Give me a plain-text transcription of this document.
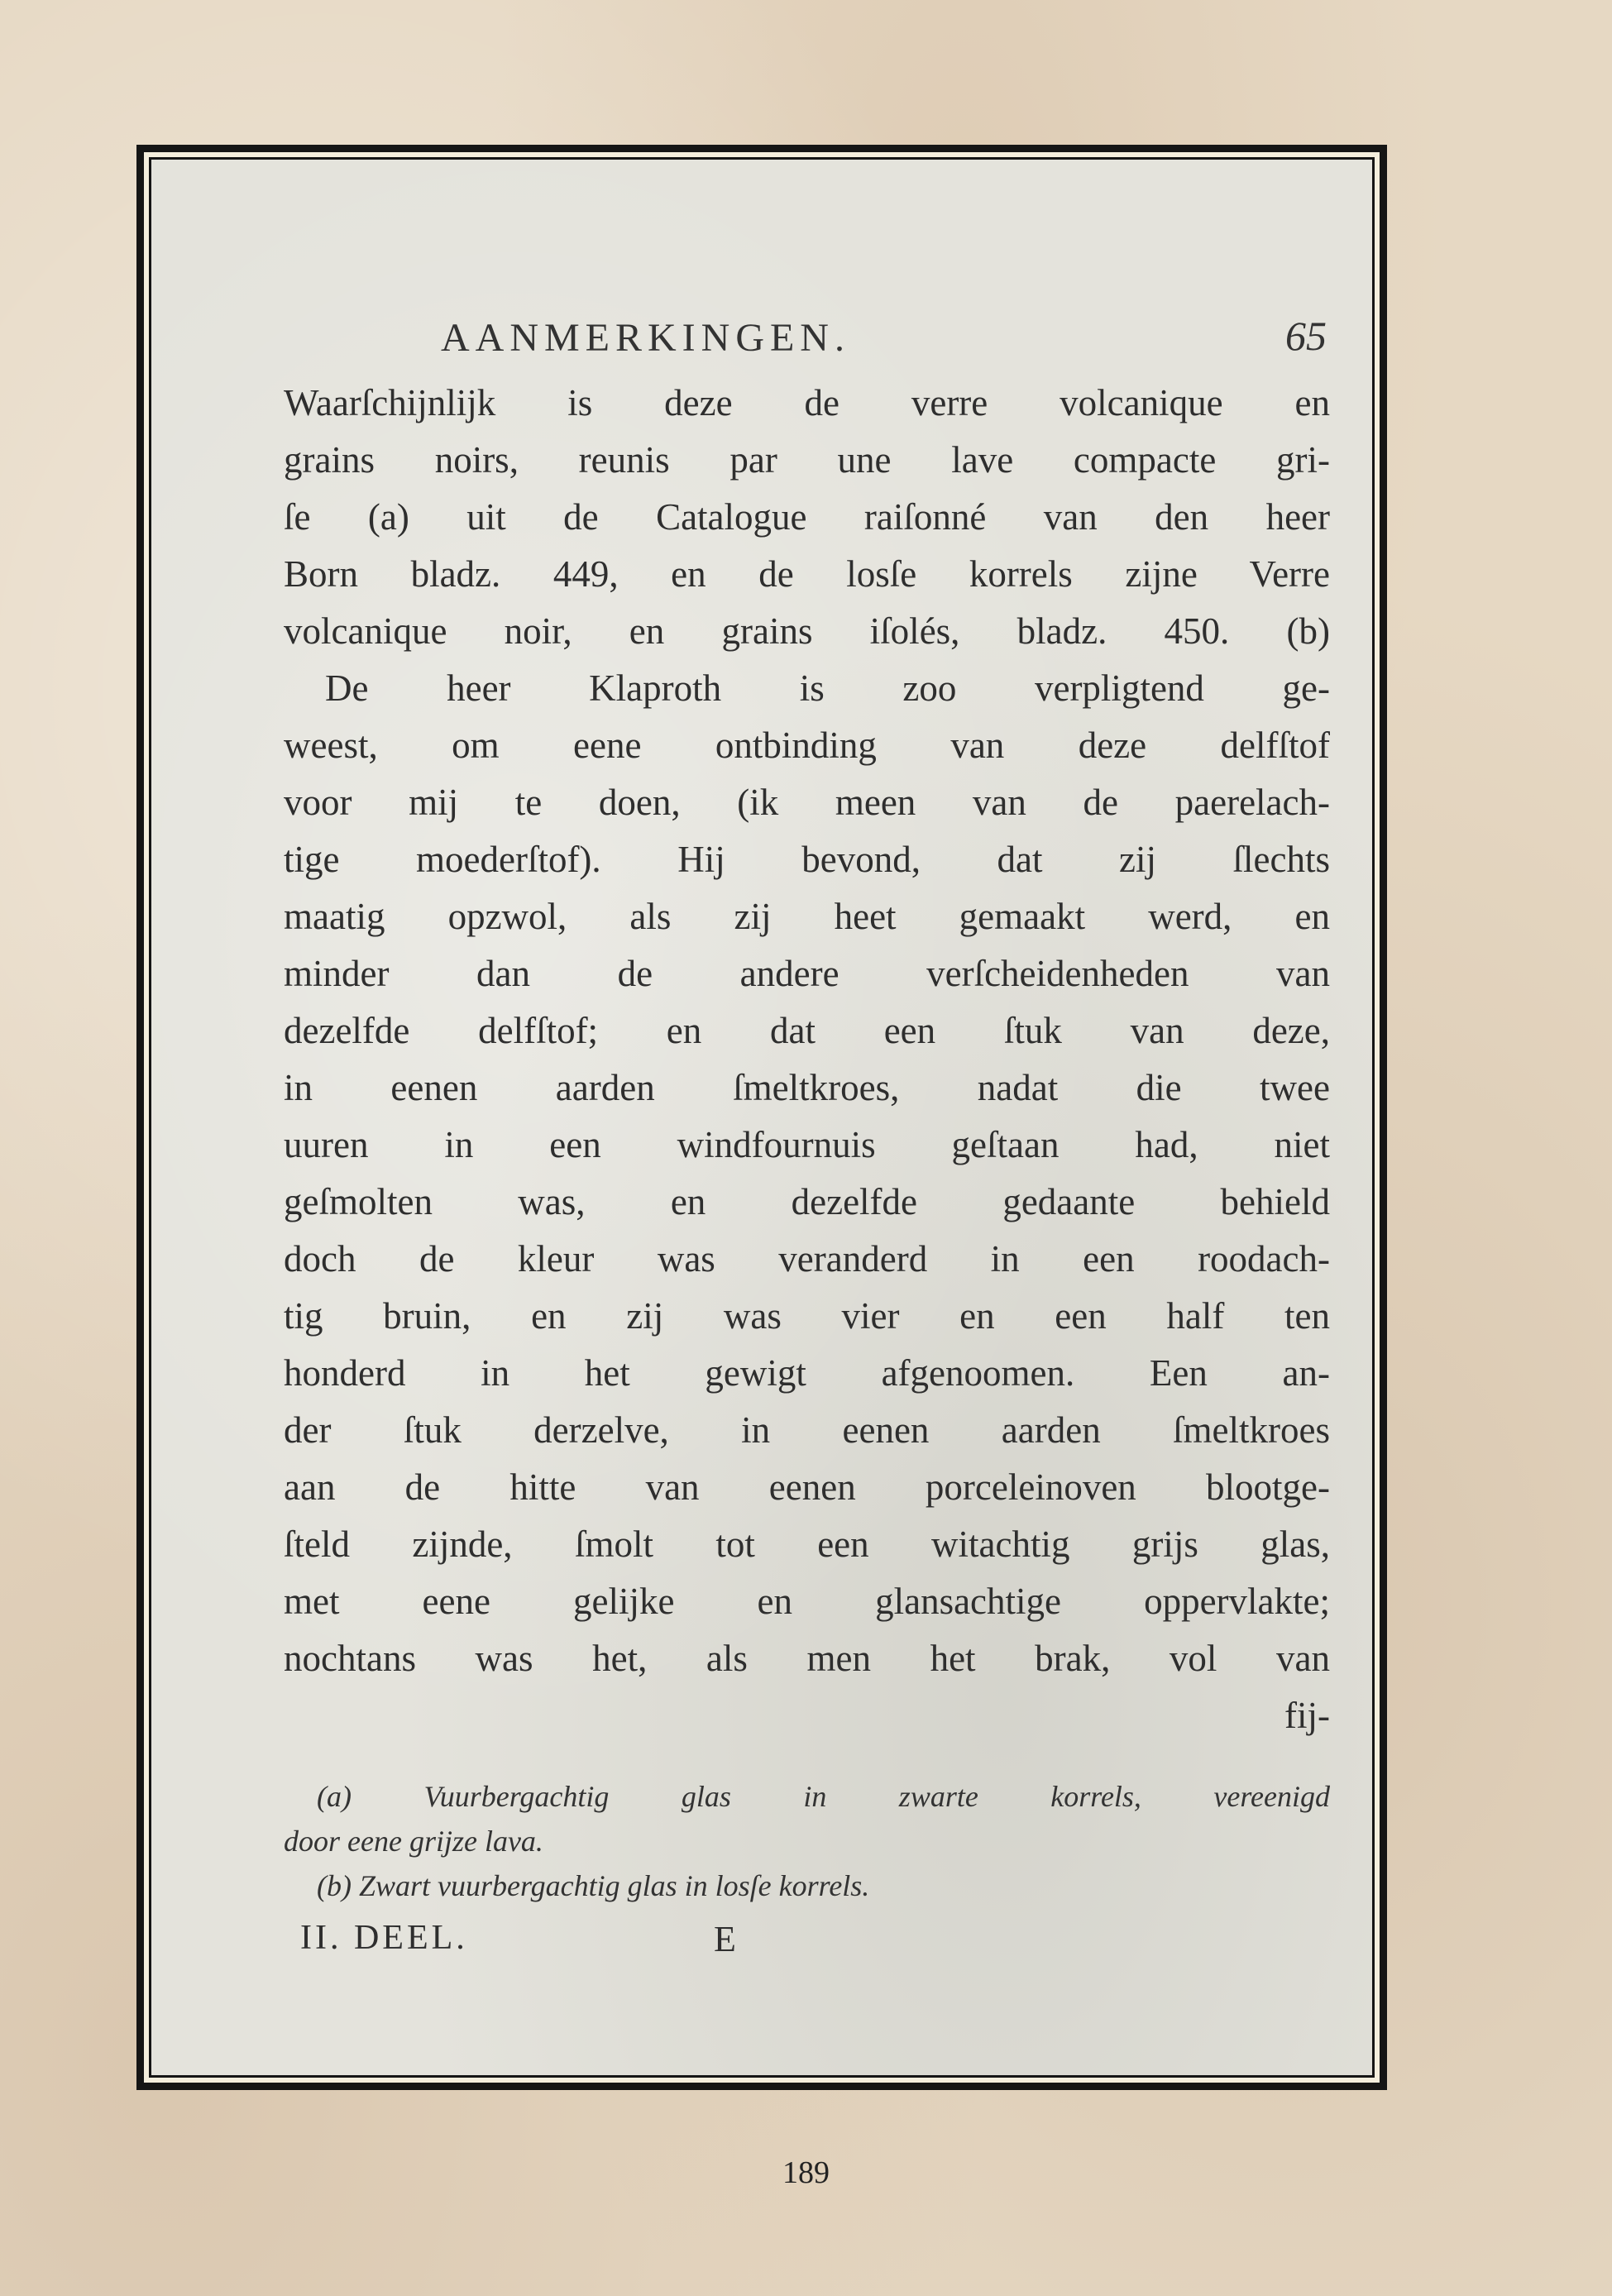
AANMERKINGEN.	65
Waarſchijnlijk is deze de verre volcanique en
grains noirs, reunis par une lave compacte gri-
ſe (a) uit de Catalogue raiſonné van den heer
Born bladz. 449, en de losſe korrels zijne Verre
volcanique noir, en grains iſolés, bladz. 450. (b)
De heer Klaproth is zoo verpligtend ge-
weest, om eene ontbinding van deze delfſtof
voor mij te doen, (ik meen van de paerelach-
tige moederſtof). Hij bevond, dat zij ſlechts
maatig opzwol, als zij heet gemaakt werd, en
minder dan de andere verſcheidenheden van
dezelfde delfſtof; en dat een ſtuk van deze,
in eenen aarden ſmeltkroes, nadat die twee
uuren in een windfournuis geſtaan had, niet
geſmolten was, en dezelfde gedaante behield
doch de kleur was veranderd in een roodach-
tig bruin, en zij was vier en een half ten
honderd in het gewigt afgenoomen. Een an-
der ſtuk derzelve, in eenen aarden ſmeltkroes
aan de hitte van eenen porceleinoven blootge-
ſteld zijnde, ſmolt tot een witachtig grijs glas,
met eene gelijke en glansachtige oppervlakte;
nochtans was het, als men het brak, vol van
fij-
(a) Vuurbergachtig glas in zwarte korrels, vereenigd
door eene grijze lava.
(b) Zwart vuurbergachtig glas in losſe korrels.
II. DEEL.	E
189
